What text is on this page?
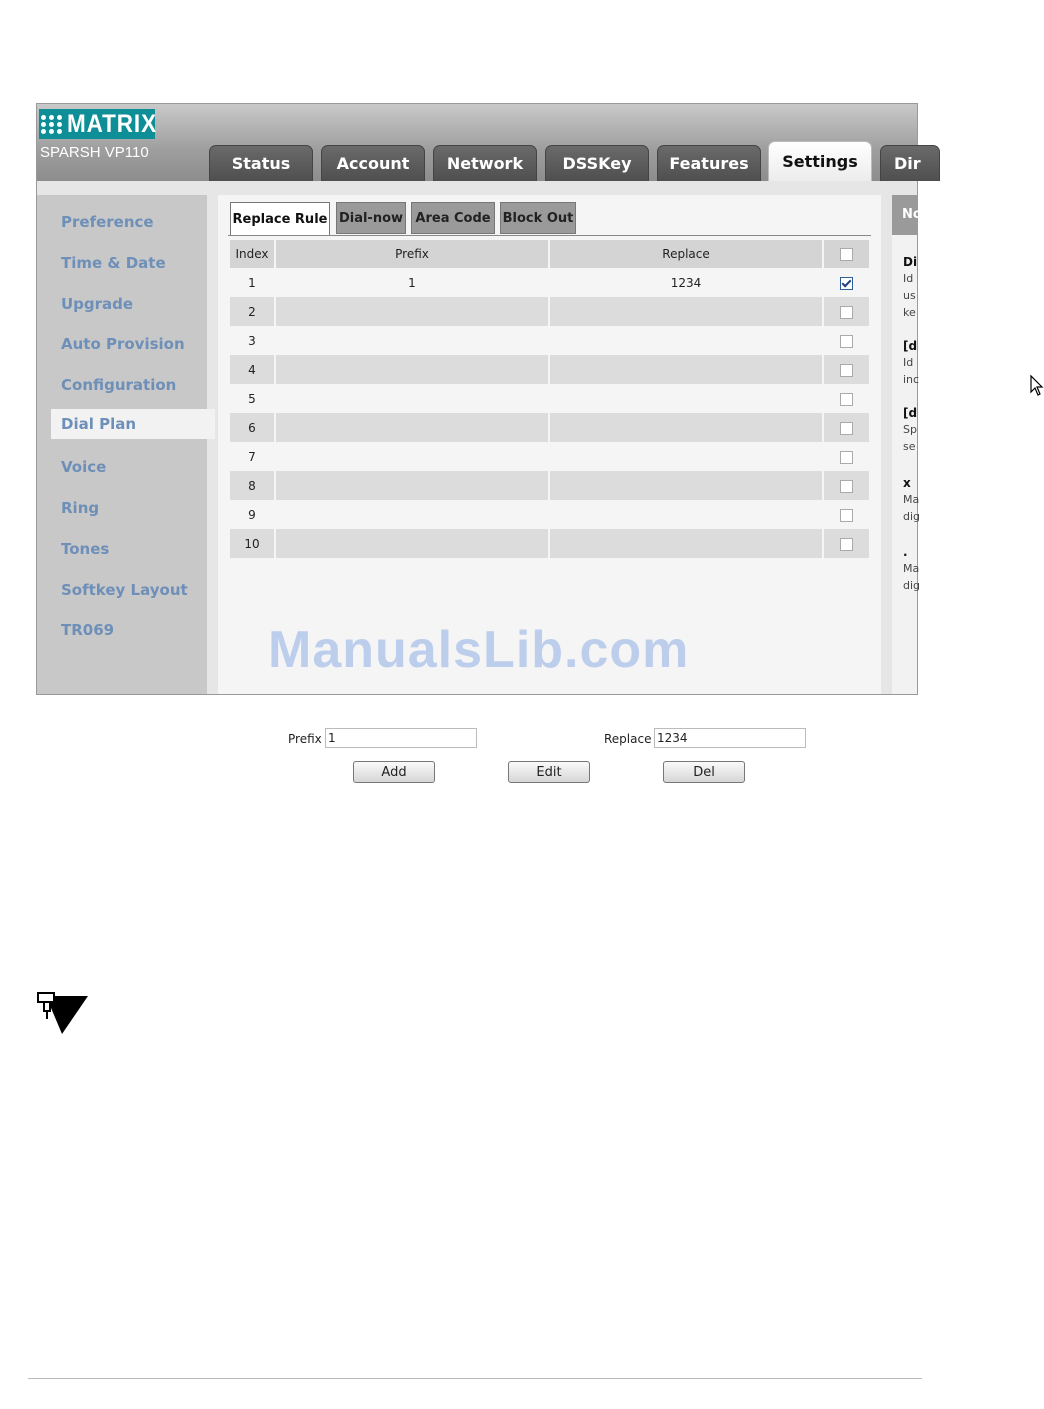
MATRIX
SPARSH VP110
Status	Account	Network	DSSKey	Features	Settings	Dir
Preference
Time & Date
Upgrade
Auto Provision
Configuration
Dial Plan
Voice
Ring
Tones
Softkey Layout
TR069
Replace Rule Dial-now Area Code Block Out
Index	Prefix	Replace	
1	1	1234	
2			
3			
4			
5			
6			
7			
8			
9			
10			
Prefix
1	Replace
1234
Add	Edit	Del
No
Di
Id
us
ke
[d
Id
inc
[d
Sp
se
x
Ma
dig
.
Ma
dig
ManualsLib.com
